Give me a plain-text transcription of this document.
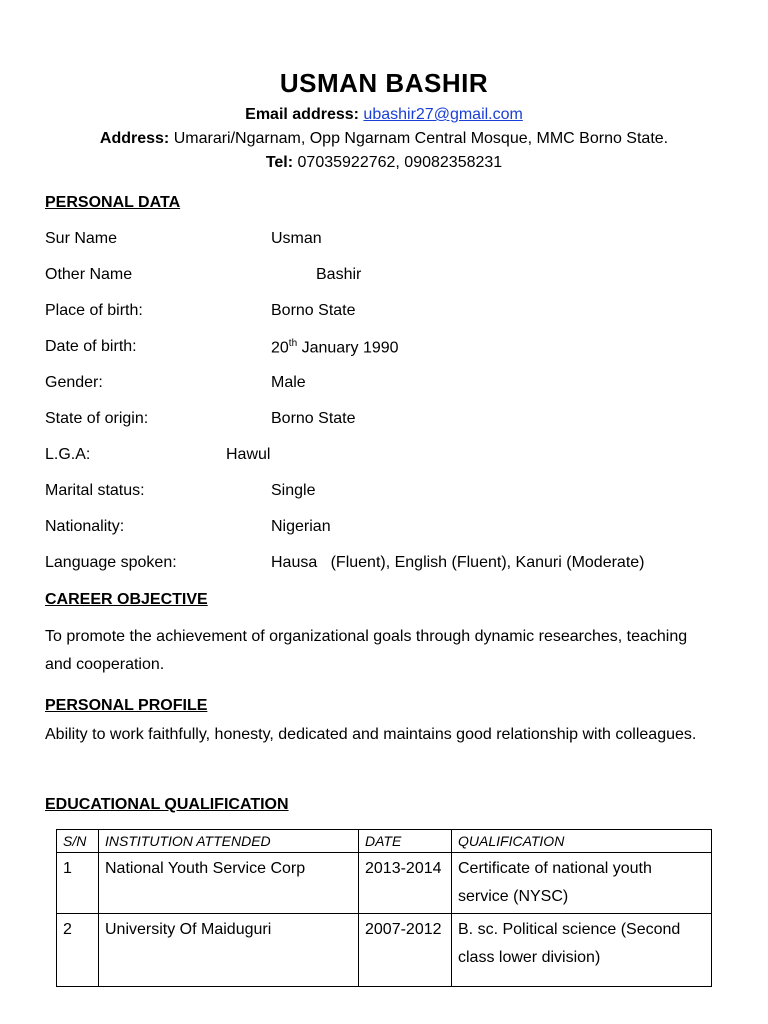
USMAN BASHIR
Email address: ubashir27@gmail.com
Address: Umarari/Ngarnam, Opp Ngarnam Central Mosque, MMC Borno State.
Tel: 07035922762, 09082358231
PERSONAL DATA
Sur Name	Usman
Other Name	Bashir
Place of birth:	Borno State
Date of birth:	20th January 1990
Gender:	Male
State of origin:	Borno State
L.G.A:	Hawul
Marital status:	Single
Nationality:	Nigerian
Language spoken:	Hausa   (Fluent), English (Fluent), Kanuri (Moderate)
CAREER OBJECTIVE
To promote the achievement of organizational goals through dynamic researches, teaching and cooperation.
PERSONAL PROFILE
Ability to work faithfully, honesty, dedicated and maintains good relationship with colleagues.
EDUCATIONAL QUALIFICATION
S/N	INSTITUTION ATTENDED	DATE	QUALIFICATION
1	National Youth Service Corp	2013-2014	Certificate of national youth service (NYSC)
2	University Of Maiduguri	2007-2012	B. sc. Political science (Second class lower division)
